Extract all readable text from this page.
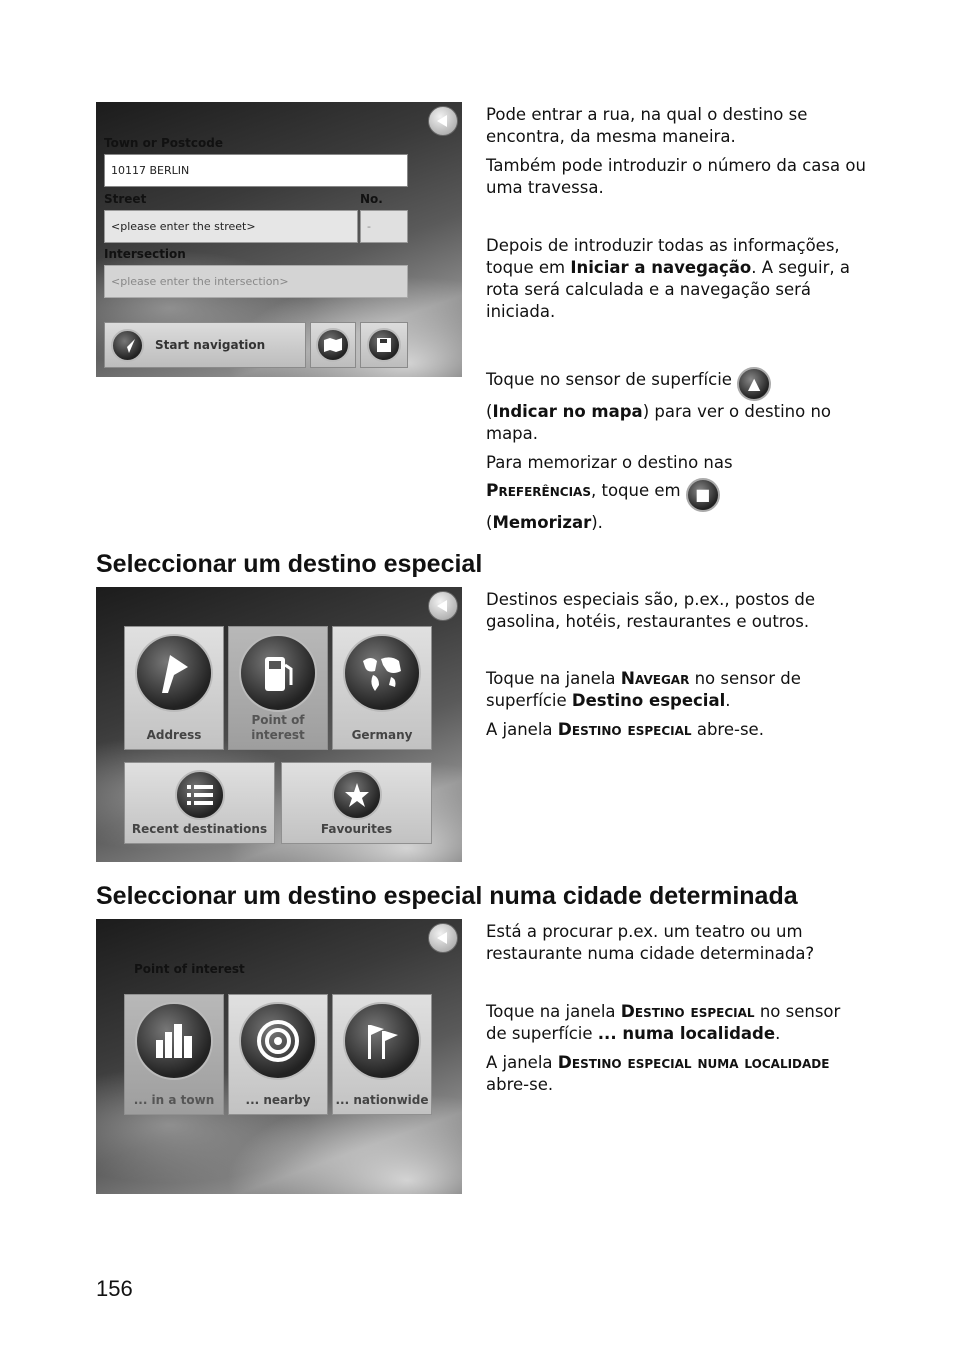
Town or Postcode
10117 BERLIN
Street	No.
<please enter the street>	-
Intersection
<please enter the intersection>
Start navigation

Pode entrar a rua, na qual o destino se encontra, da mesma maneira.

Também pode introduzir o número da casa ou uma travessa.

Depois de introduzir todas as informações, toque em Iniciar a navegação. A seguir, a rota será calculada e a navegação será iniciada.

Toque no sensor de superfície ▲
(Indicar no mapa) para ver o destino no mapa.

Para memorizar o destino nas
Preferências, toque em ■
(Memorizar).

Seleccionar um destino especial
Address
Point of interest	Germany
Recent destinations	Favourites

Destinos especiais são, p.ex., postos de gasolina, hotéis, restaurantes e outros.

Toque na janela Navegar no sensor de superfície Destino especial.

A janela Destino especial abre-se.

Seleccionar um destino especial numa cidade determinada
Point of interest
... in a town	... nearby	... nationwide

Está a procurar p.ex. um teatro ou um restaurante numa cidade determinada?

Toque na janela Destino especial no sensor de superfície ... numa localidade.

A janela Destino especial numa localidade abre-se.

156
